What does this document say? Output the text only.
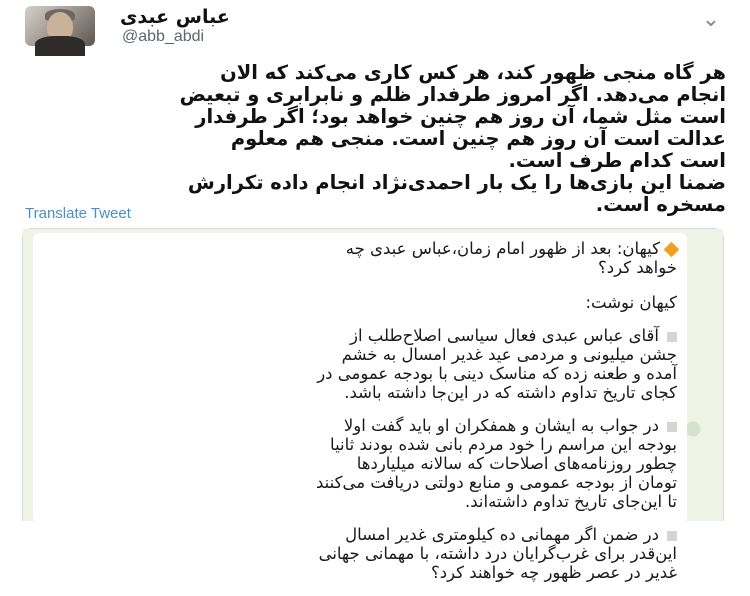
عباس عبدی
@abb_abdi
⌄

هر گاه منجی ظهور کند، هر کس کاری می‌کند که الان

انجام می‌دهد. اگر امروز طرفدار ظلم و نابرابری و تبعیض

است مثل شما، آن روز هم چنین خواهد بود؛ اگر طرفدار

عدالت است آن روز هم چنین است. منجی هم معلوم

است کدام طرف است.

ضمنا این بازی‌ها را یک بار احمدی‌نژاد انجام داده تکرارش

مسخره است.

Translate Tweet
کیهان: بعد از ظهور امام زمان،عباس عبدی چه
خواهد کرد؟
کیهان نوشت:
آقای عباس عبدی فعال سیاسی اصلاح‌طلب از
جشن میلیونی و مردمی عید غدیر امسال به خشم
آمده و طعنه زده که مناسک دینی با بودجه عمومی در
کجای تاریخ تداوم داشته که در این‌جا داشته باشد.
در جواب به ایشان و همفکران او باید گفت اولا
بودجه این مراسم را خود مردم بانی شده بودند ثانیا
چطور روزنامه‌های اصلاحات که سالانه میلیاردها
تومان از بودجه عمومی و منابع دولتی دریافت می‌کنند
تا این‌جای تاریخ تداوم داشته‌اند.
در ضمن اگر مهمانی ده کیلومتری غدیر امسال
این‌قدر برای غرب‌گرایان درد داشته، با مهمانی جهانی
غدیر در عصر ظهور چه خواهند کرد؟
